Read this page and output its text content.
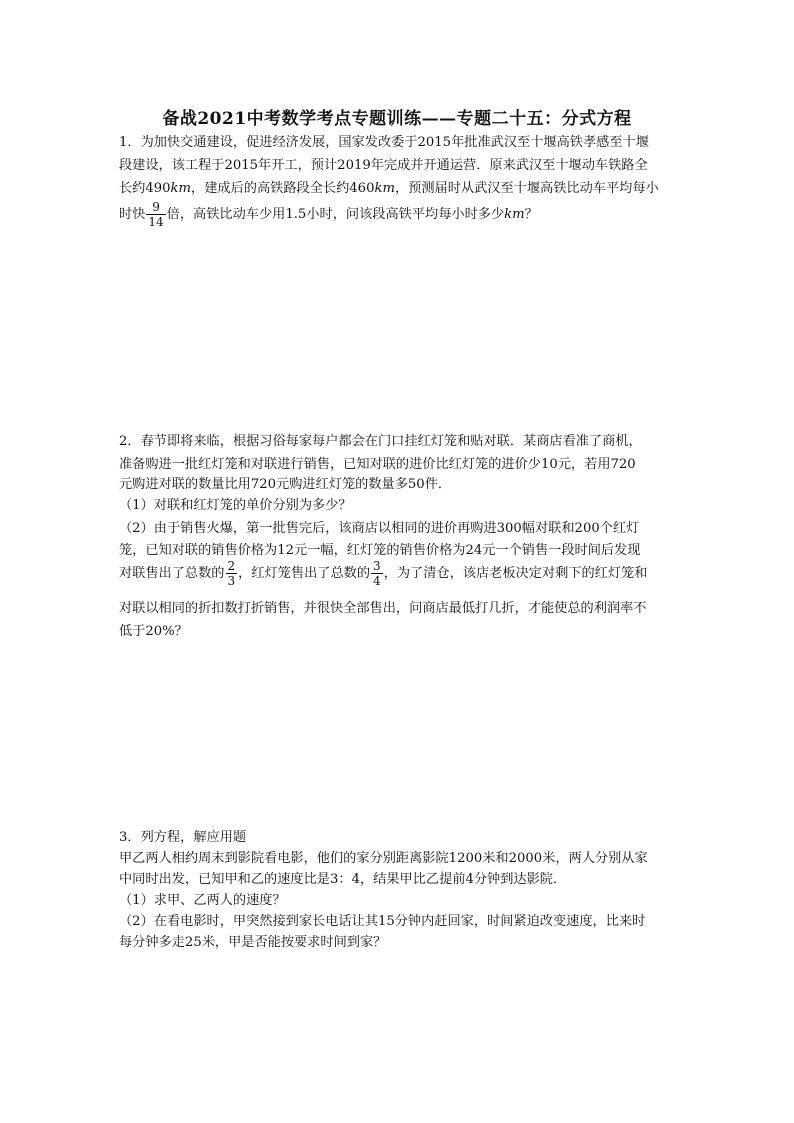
备战2021中考数学考点专题训练——专题二十五：分式方程
1．为加快交通建设，促进经济发展，国家发改委于2015年批准武汉至十堰高铁孝感至十堰
段建设，该工程于2015年开工，预计2019年完成并开通运营．原来武汉至十堰动车铁路全
长约490km，建成后的高铁路段全长约460km，预测届时从武汉至十堰高铁比动车平均每小
时快 $\frac{9}{14}$ 倍，高铁比动车少用1.5小时，问该段高铁平均每小时多少km？
2．春节即将来临，根据习俗每家每户都会在门口挂红灯笼和贴对联．某商店看准了商机，
准备购进一批红灯笼和对联进行销售，已知对联的进价比红灯笼的进价少10元，若用720
元购进对联的数量比用720元购进红灯笼的数量多50件．
（1）对联和红灯笼的单价分别为多少？
（2）由于销售火爆，第一批售完后，该商店以相同的进价再购进300幅对联和200个红灯
笼，已知对联的销售价格为12元一幅，红灯笼的销售价格为24元一个销售一段时间后发现
对联售出了总数的 $\frac{2}{3}$ ，红灯笼售出了总数的 $\frac{3}{4}$ ，为了清仓，该店老板决定对剩下的红灯笼和
对联以相同的折扣数打折销售，并很快全部售出，问商店最低打几折，才能使总的利润率不
低于20%？
3．列方程，解应用题
甲乙两人相约周末到影院看电影，他们的家分别距离影院1200米和2000米，两人分别从家
中同时出发，已知甲和乙的速度比是3：4，结果甲比乙提前4分钟到达影院．
（1）求甲、乙两人的速度？
（2）在看电影时，甲突然接到家长电话让其15分钟内赶回家，时间紧迫改变速度，比来时
每分钟多走25米，甲是否能按要求时间到家？
